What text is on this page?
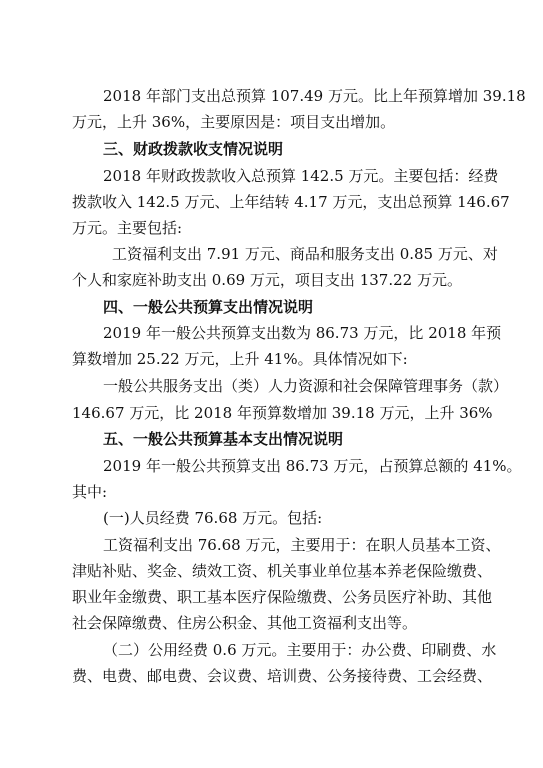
2018 年部门支出总预算 107.49 万元。比上年预算增加 39.18
万元，上升 36%，主要原因是：项目支出增加。
三、财政拨款收支情况说明
2018 年财政拨款收入总预算 142.5 万元。主要包括：经费
拨款收入 142.5 万元、上年结转 4.17 万元，支出总预算 146.67
万元。主要包括:
工资福利支出 7.91 万元、商品和服务支出 0.85 万元、对
个人和家庭补助支出 0.69 万元，项目支出 137.22 万元。
四、一般公共预算支出情况说明
2019 年一般公共预算支出数为 86.73 万元，比 2018 年预
算数增加 25.22 万元，上升 41%。具体情况如下:
一般公共服务支出（类）人力资源和社会保障管理事务（款）
146.67 万元，比 2018 年预算数增加 39.18 万元，上升 36%
五、一般公共预算基本支出情况说明
2019 年一般公共预算支出 86.73 万元，占预算总额的 41%。
其中:
(一)人员经费 76.68 万元。包括:
工资福利支出 76.68 万元，主要用于：在职人员基本工资、
津贴补贴、奖金、绩效工资、机关事业单位基本养老保险缴费、
职业年金缴费、职工基本医疗保险缴费、公务员医疗补助、其他
社会保障缴费、住房公积金、其他工资福利支出等。
（二）公用经费 0.6 万元。主要用于：办公费、印刷费、水
费、电费、邮电费、会议费、培训费、公务接待费、工会经费、
